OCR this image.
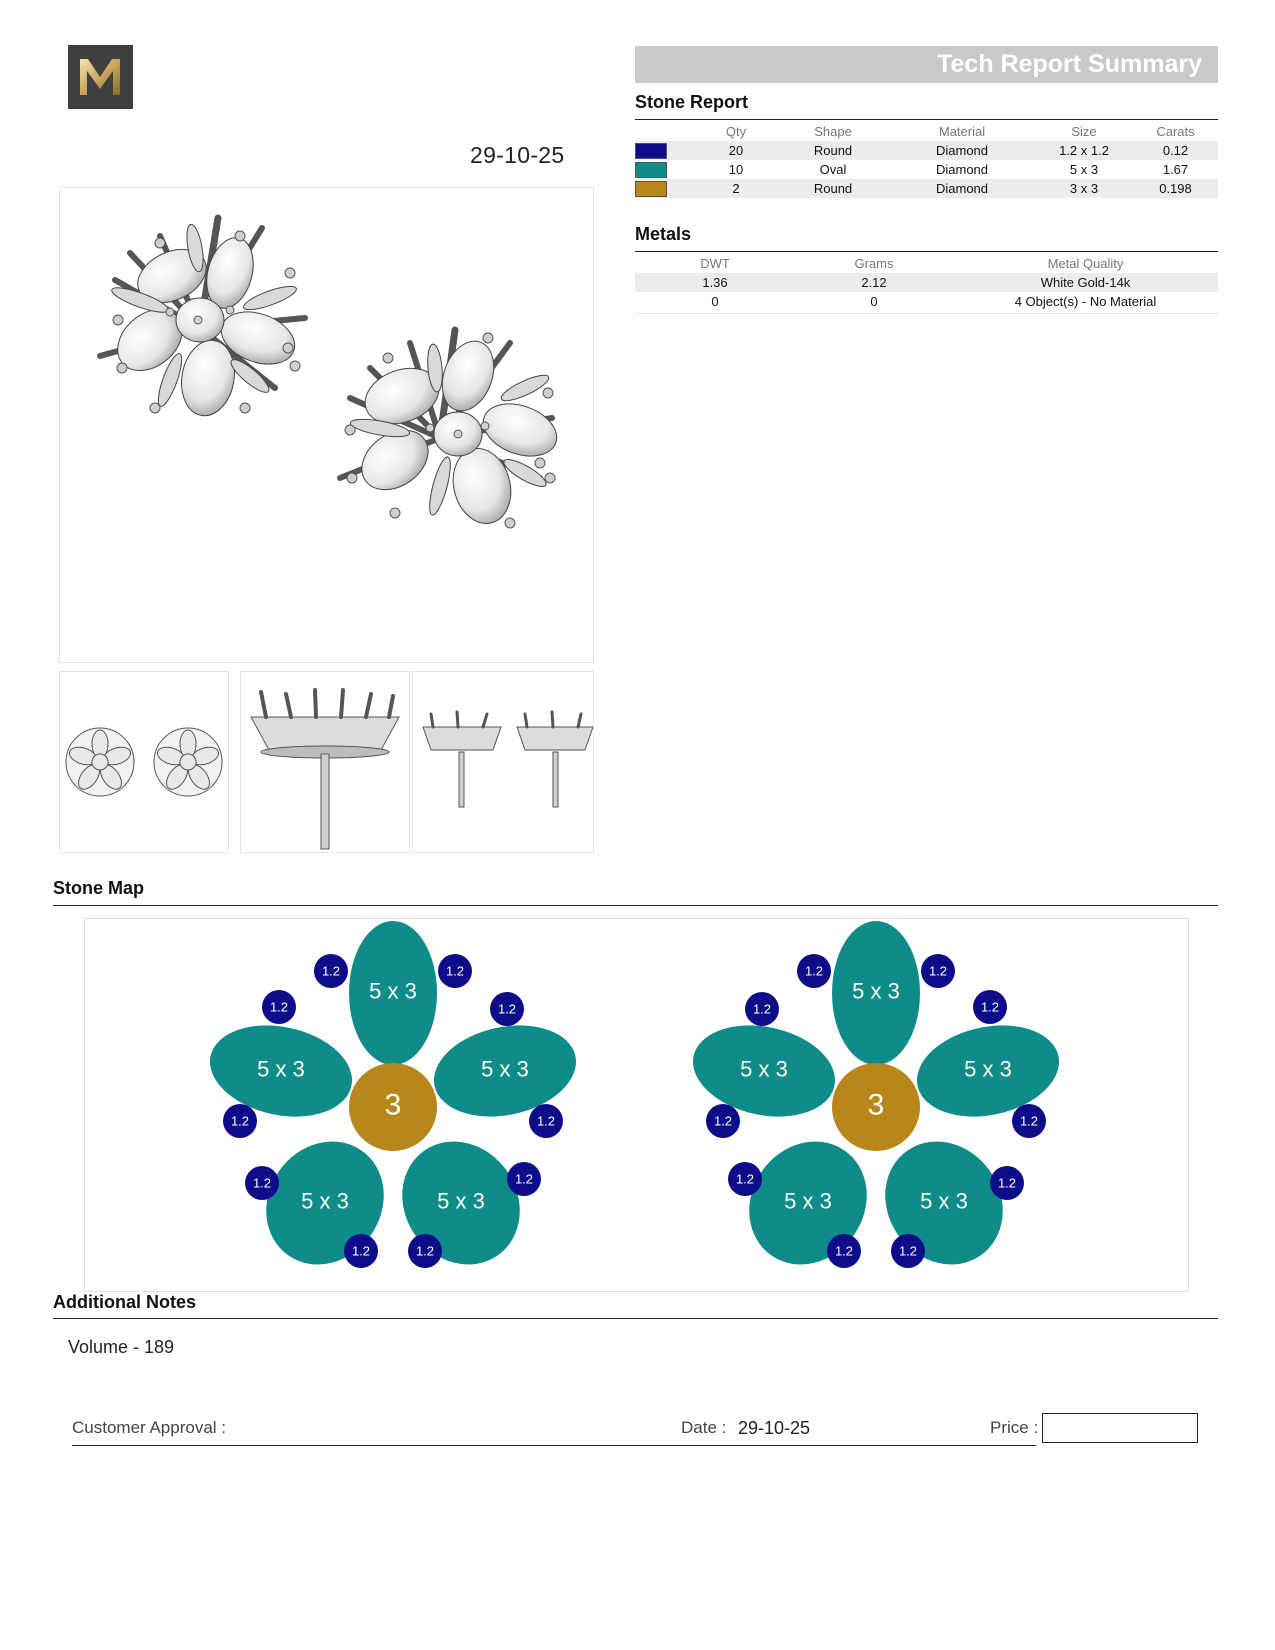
29-10-25
Tech Report Summary
Stone Report
	Qty	Shape	Material	Size	Carats
	20	Round	Diamond	1.2 x 1.2	0.12
	10	Oval	Diamond	5 x 3	1.67
	2	Round	Diamond	3 x 3	0.198
Metals
DWT	Grams	Metal Quality
1.36	2.12	White Gold-14k
0	0	4 Object(s) - No Material
Stone Map
5 x 3
5 x 3	5 x 3
5 x 3	5 x 3
3
1.2	1.2
1.2	1.2
1.2	1.2
1.2	1.2
1.2	1.2
5 x 3
5 x 3
5 x 3
5 x 3
5 x 3
3
1.2
1.2
1.2
1.2
1.2
1.2
1.2
1.2
1.2
1.2
Additional Notes
Volume - 189
Customer Approval :	Date : 29-10-25	Price :
